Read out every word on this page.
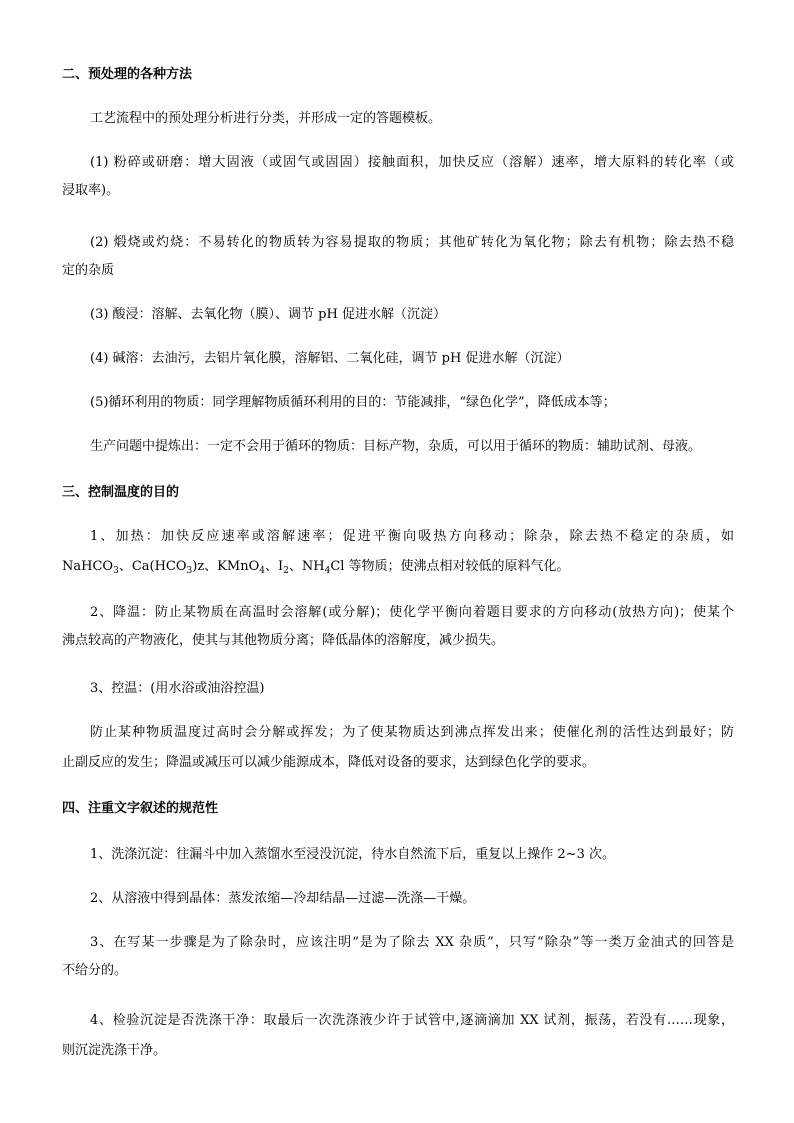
二、预处理的各种方法

工艺流程中的预处理分析进行分类，并形成一定的答题模板。

(1) 粉碎或研磨：增大固液（或固气或固固）接触面积，加快反应（溶解）速率，增大原料的转化率（或

浸取率)。

(2) 煅烧或灼烧：不易转化的物质转为容易提取的物质；其他矿转化为氧化物；除去有机物；除去热不稳

定的杂质

(3) 酸浸：溶解、去氧化物（膜）、调节 pH 促进水解（沉淀）

(4) 碱溶：去油污，去铝片氧化膜，溶解铝、二氧化硅，调节 pH 促进水解（沉淀）

(5)循环利用的物质：同学理解物质循环利用的目的：节能减排，“绿色化学”，降低成本等；

生产问题中提炼出：一定不会用于循环的物质：目标产物，杂质，可以用于循环的物质：辅助试剂、母液。

三、控制温度的目的

1、加热：加快反应速率或溶解速率；促进平衡向吸热方向移动；除杂，除去热不稳定的杂质，如

NaHCO$_3$、$Ca(HCO_3)z$、KMnO$_4$、$I_2$、$NH_4Cl$ 等物质；使沸点相对较低的原料气化。

2、降温：防止某物质在高温时会溶解(或分解)；使化学平衡向着题目要求的方向移动(放热方向)；使某个

沸点较高的产物液化，使其与其他物质分离；降低晶体的溶解度，减少损失。

3、控温：(用水浴或油浴控温)

防止某种物质温度过高时会分解或挥发；为了使某物质达到沸点挥发出来；使催化剂的活性达到最好；防

止副反应的发生；降温或减压可以减少能源成本，降低对设备的要求，达到绿色化学的要求。

四、注重文字叙述的规范性

1、洗涤沉淀：往漏斗中加入蒸馏水至浸没沉淀，待水自然流下后，重复以上操作 2~3 次。

2、从溶液中得到晶体：蒸发浓缩—冷却结晶—过滤—洗涤—干燥。

3、在写某一步骤是为了除杂时，应该注明“是为了除去 XX 杂质”，只写“除杂”等一类万金油式的回答是

不给分的。

4、检验沉淀是否洗涤干净：取最后一次洗涤液少许于试管中,逐滴滴加 XX 试剂，振荡，若没有……现象，

则沉淀洗涤干净。
